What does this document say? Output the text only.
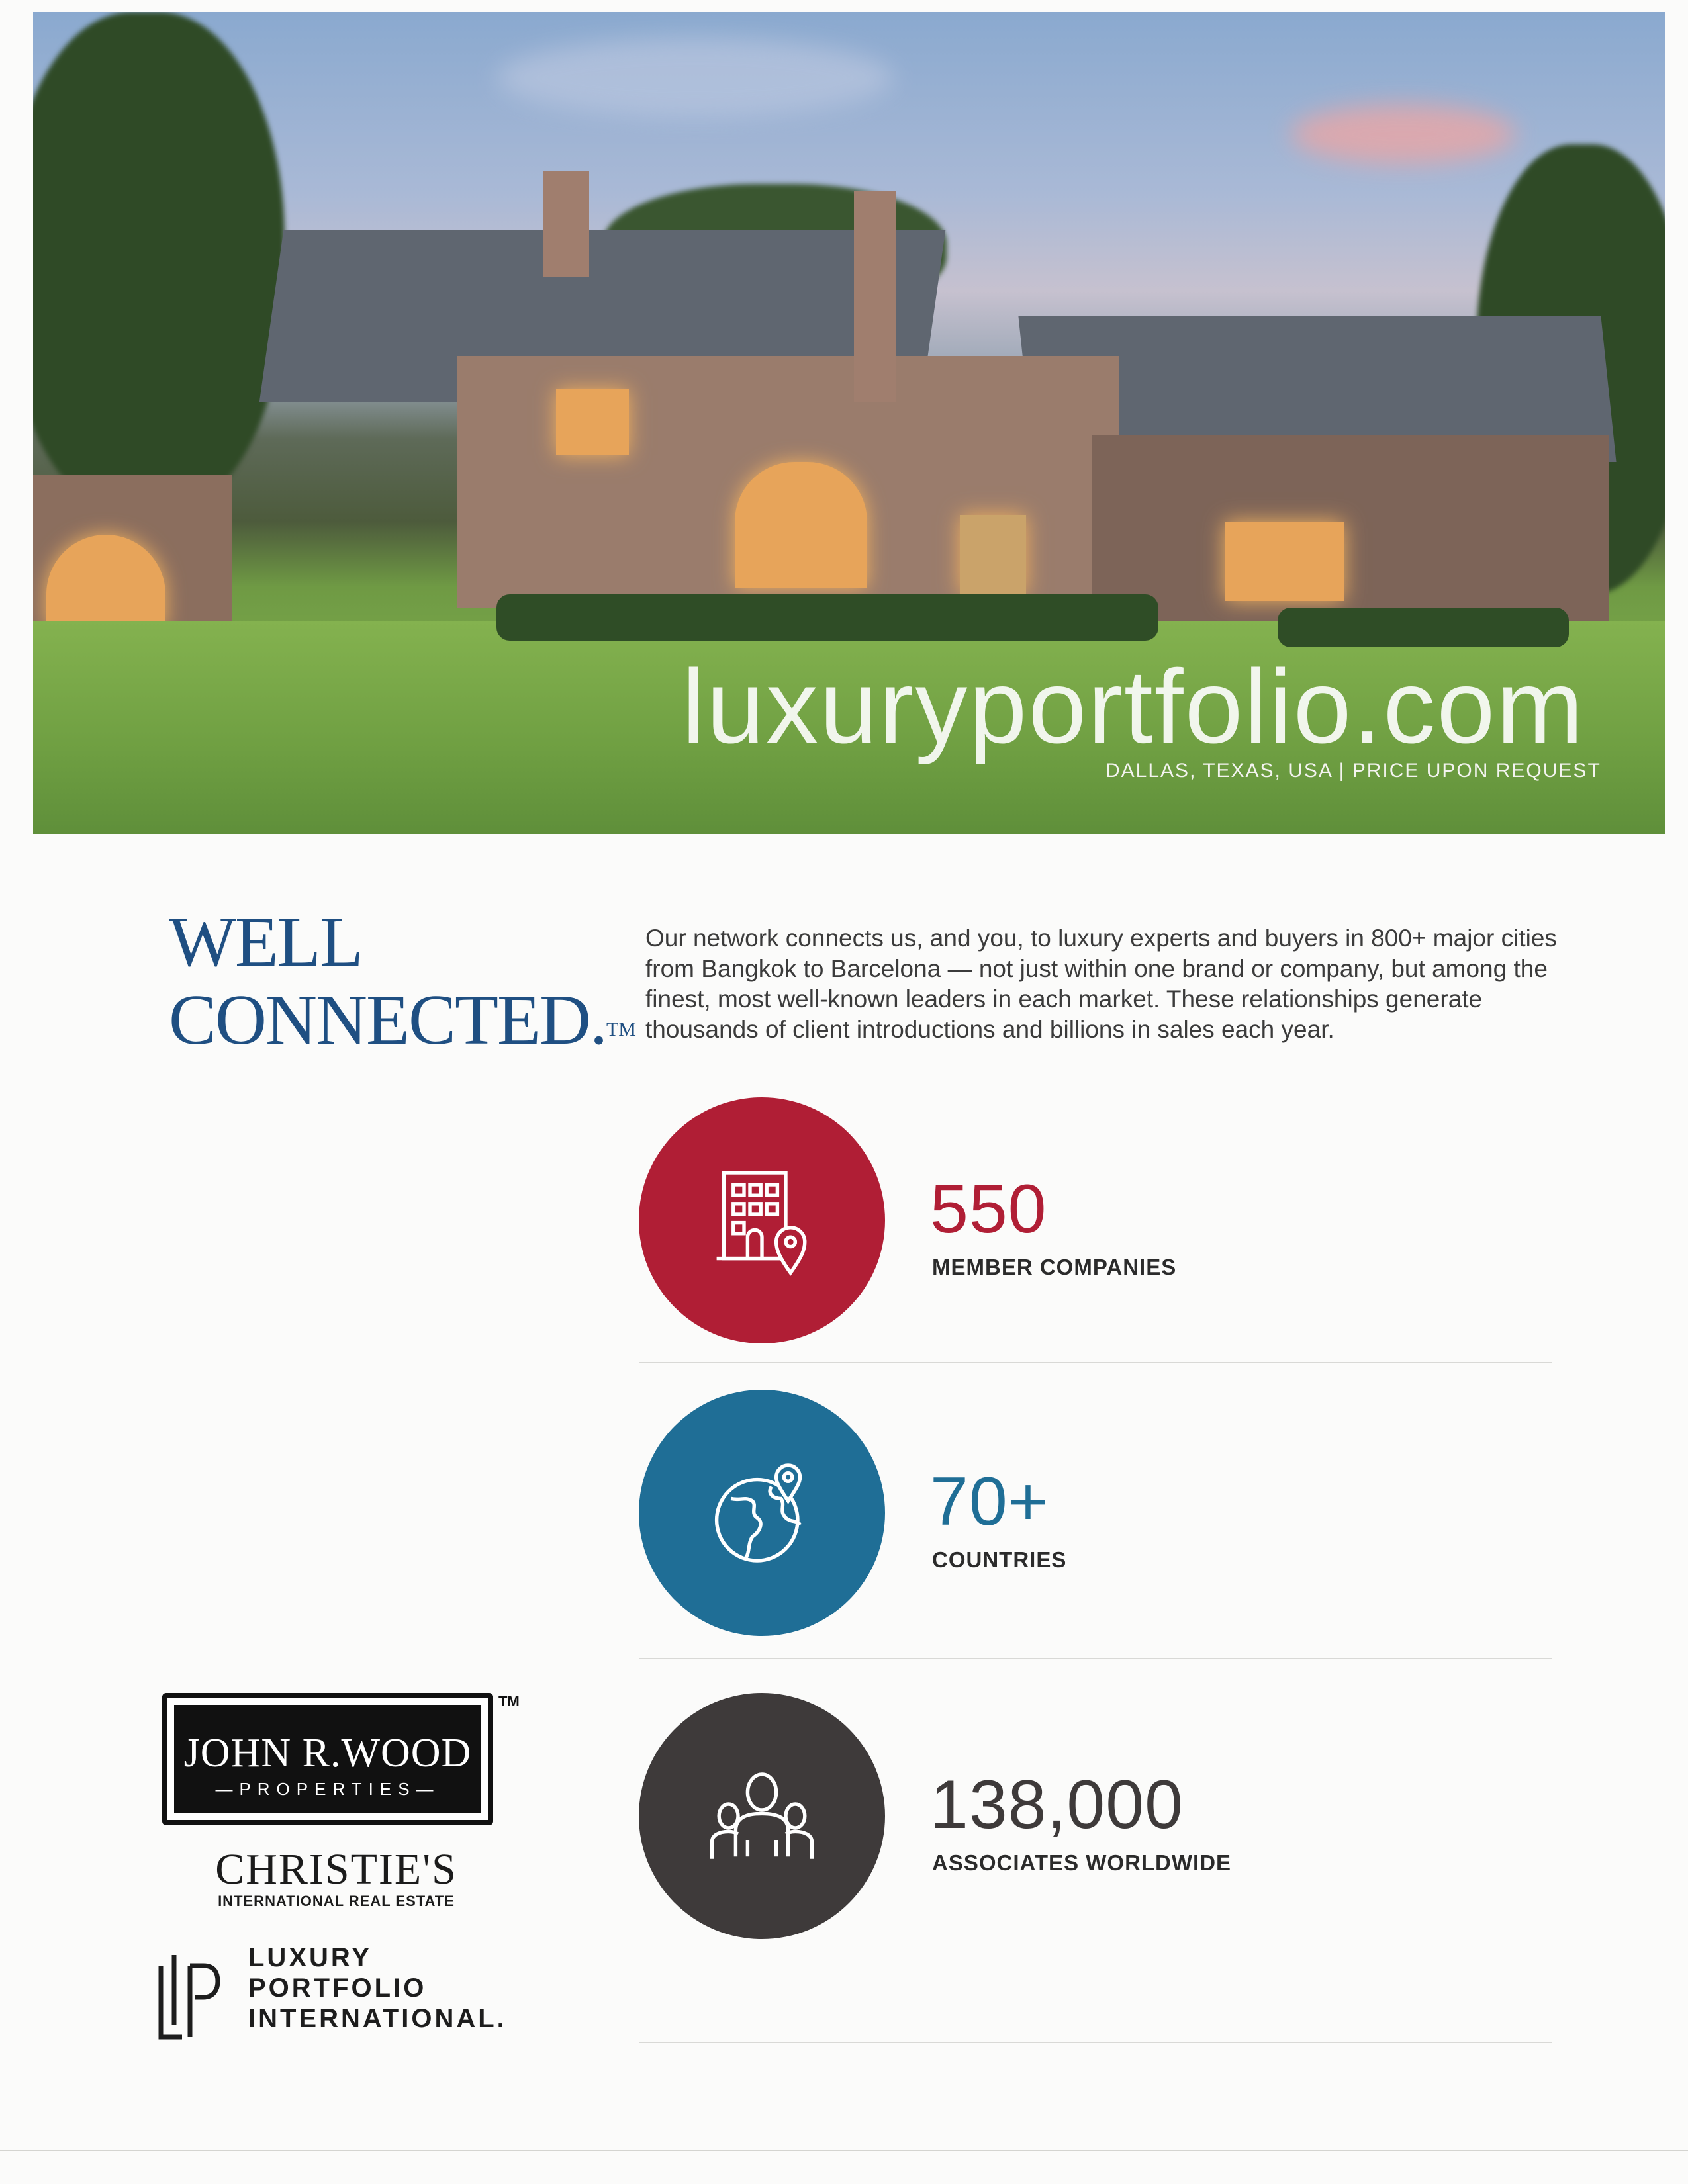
luxuryportfolio.com
DALLAS, TEXAS, USA | PRICE UPON REQUEST
WELL
CONNECTED.™
Our network connects us, and you, to luxury experts and buyers in 800+ major cities from Bangkok to Barcelona — not just within one brand or company, but among the finest, most well-known leaders in each market. These relationships generate thousands of client introductions and billions in sales each year.
550
MEMBER COMPANIES
70+
COUNTRIES
138,000
ASSOCIATES WORLDWIDE
JOHN R.WOOD
—PROPERTIES—
TM
CHRISTIE'S
INTERNATIONAL REAL ESTATE
LUXURY
PORTFOLIO
INTERNATIONAL.
